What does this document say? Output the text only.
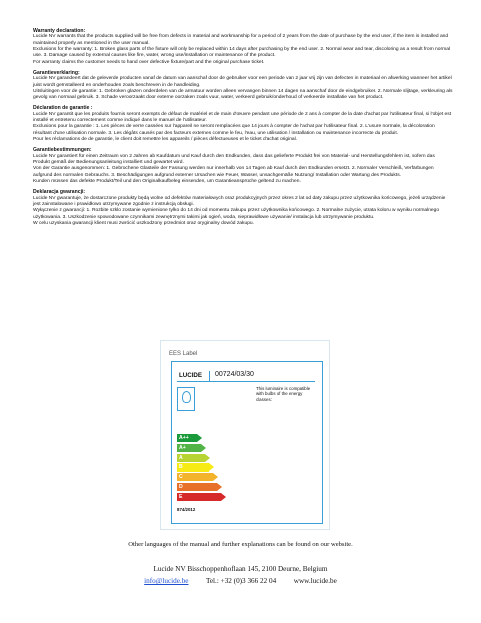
Warranty declaration:

Lucide NV warrants that the products supplied will be free from defects in material and workmanship for a period of 2 years from the date of purchase by the end user, if the item is installed and maintained properly as mentioned in the user manual.

Exclusions for the warranty: 1. Broken glass parts of the fixture will only be replaced within 14 days after purchasing by the end user. 2. Normal wear and tear, discoloring as a result from normal use. 3. Damage caused by external causes like fire, water, wrong use/installation or maintenance of the product.

For warranty claims the customer needs to hand over defective fixture/part and the original purchase ticket.

Garantieverklaring:

Lucide NV garandeert dat de geleverde producten vanaf de datum van aanschaf door de gebruiker voor een periode van 2 jaar vrij zijn van defecten in materiaal en afwerking wanneer het artikel juist wordt geïnstalleerd en onderhouden zoals beschreven in de handleiding.

Uitsluitingen voor de garantie: 1. Gebroken glazen onderdelen van de armatuur worden alleen vervangen binnen 14 dagen na aanschaf door de eindgebruiker. 2. Normale slijtage, verkleuring als gevolg van normaal gebruik. 3. Schade veroorzaakt door externe oorzaken zoals vuur, water, verkeerd gebruik/onderhoud of verkeerde installatie van het product.

Déclaration de garantie :

Lucide NV garantit que les produits fournis seront exempts de défaut de matériel et de main d'œuvre pendant une période de 2 ans à compter de la date d'achat par l'utilisateur final, si l'objet est installé et entretenu correctement comme indiqué dans le manuel de l'utilisateur.

Exclusions pour la garantie : 1. Les pièces de verre cassées sur l'appareil ne seront remplacées que 14 jours à compter de l'achat par l'utilisateur final. 2. L'usure normale, la décoloration résultant d'une utilisation normale. 3. Les dégâts causés par des facteurs externes comme le feu, l'eau, une utilisation / installation ou maintenance incorrecte du produit.

Pour les réclamations de de garantie, le client doit remettre les appareils / pièces défectueuses et le ticket d'achat original.

Garantiebestimmungen:

Lucide NV garantiert für einen Zeitraum von 2 Jahren ab Kaufdatum und Kauf durch den Endkunden, dass das gelieferte Produkt frei von Material- und Herstellungsfehlern ist, sofern das Produkt gemäß der Bedienungsanleitung installiert und gewartet wird.

Von der Garantie ausgenommen: 1. Gebrochene Glasteile der Fassung werden nur innerhalb von 14 Tagen ab Kauf durch den Endkunden ersetzt. 2. Normaler Verschleiß, Verfärbungen aufgrund des normalen Gebrauchs. 3. Beschädigungen aufgrund externer Ursachen wie Feuer, Wasser, unsachgemäße Nutzung/ Installation oder Wartung des Produkts.

Kunden müssen das defekte Produkt/Teil und den Originalkaufbeleg einsenden, um Garantieansprüche geltend zu machen.

Deklaracja gwarancji:

Lucide NV gwarantuje, że dostarczone produkty będą wolne od defektów materiałowych oraz produkcyjnych przez okres 2 lat od daty zakupu przez użytkownika końcowego, jeżeli urządzenie jest zainstalowane i prawidłowo utrzymywane zgodnie z instrukcją obsługi.

Wyłączenie z gwarancji: 1. Rozbite szklo zostanie wymienione tylko do 14 dni od momentu zakupu przez użytkownika końcowego. 2. Normalne zużycie, utrata koloru w wyniku normalnego użytkowania. 3. Uszkodzenie spowodowane czynnikami zewnętrznymi takimi jak ogień, woda, nieprawidłowe używanie/ instalacja lub utrzymywanie produktu.

W celu uzyskania gwarancji klient musi zwrócić uszkodzony przedmiot oraz oryginalny dowód zakupu.

EES Label
LUCIDE 00724/03/30
This luminaire is compatible with bulbs of the energy classes:
A++
A+
A
B
C
D
E
874/2012
Other languages of the manual and further explanations can be found on our website.
Lucide NV Bisschoppenhoflaan 145, 2100 Deurne, Belgium
info@lucide.be Tel.: +32 (0)3 366 22 04 www.lucide.be
